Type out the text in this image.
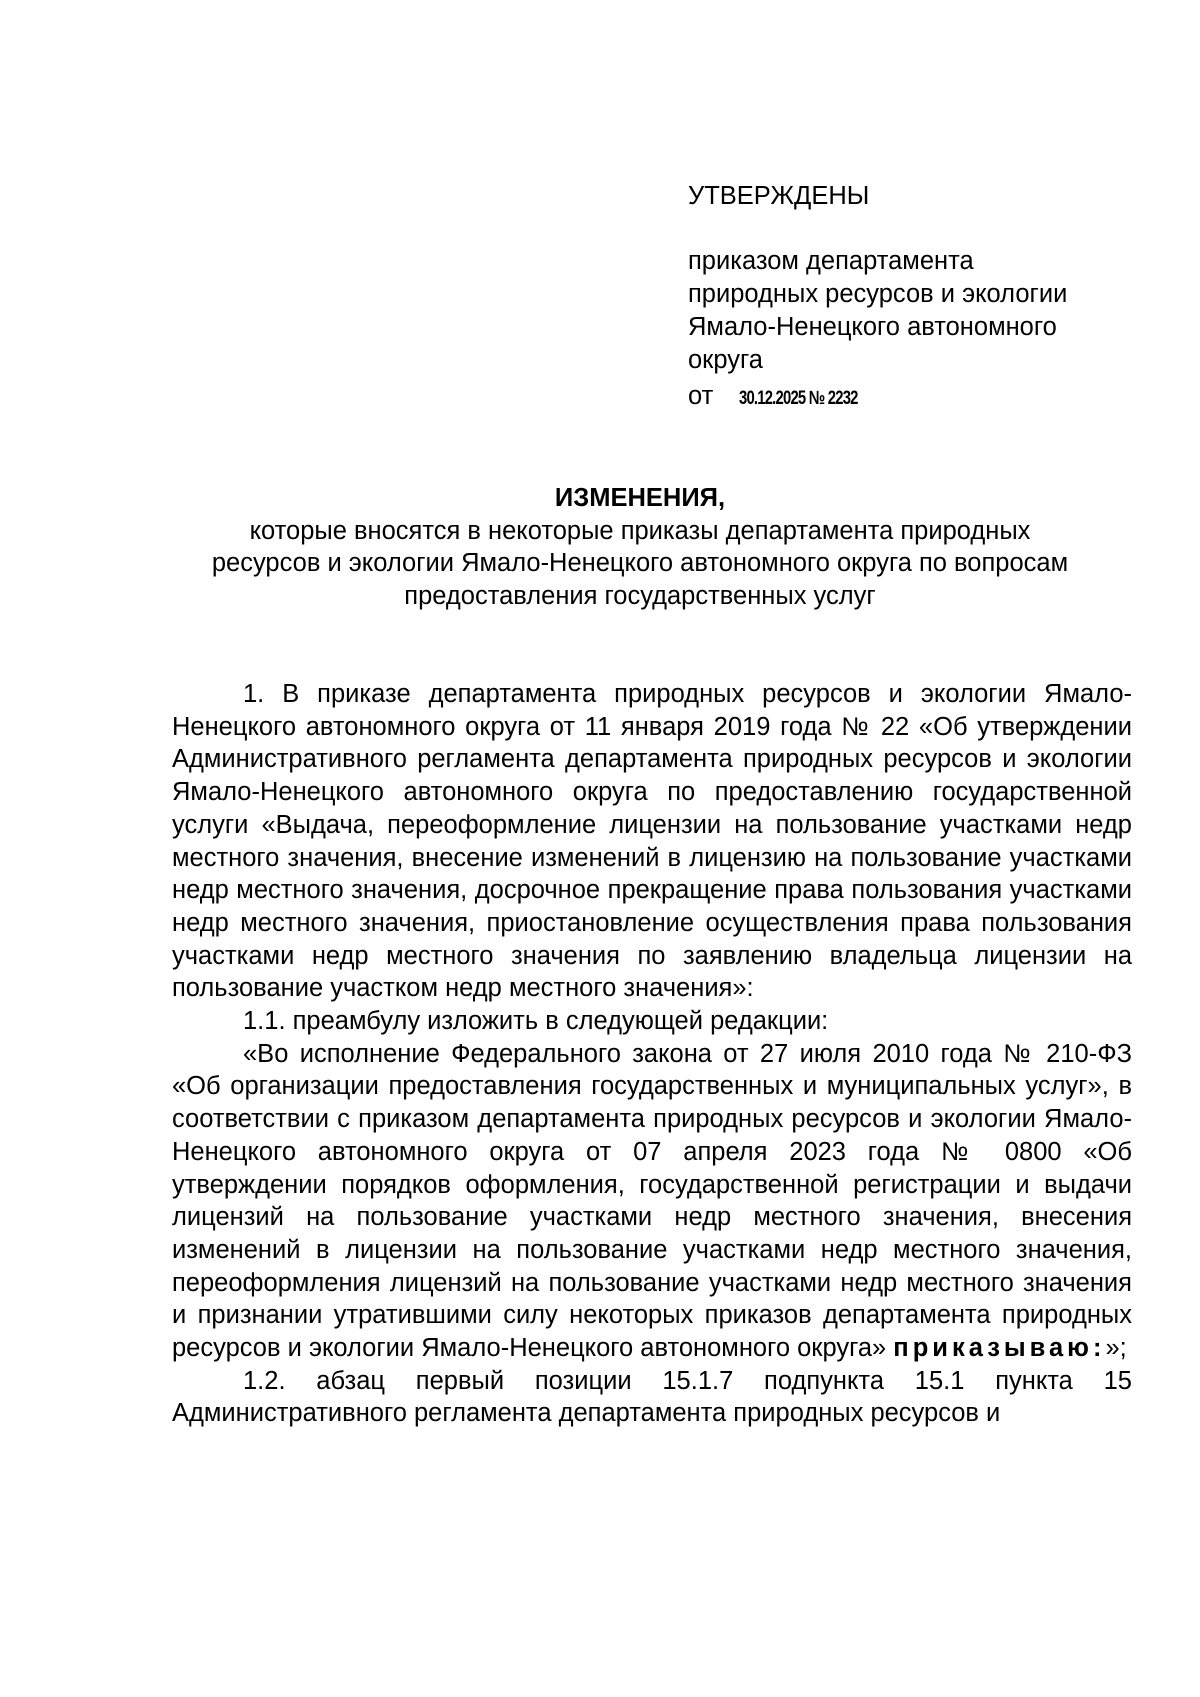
УТВЕРЖДЕНЫ
приказом департамента
природных ресурсов и экологии
Ямало-Ненецкого автономного
округа
от 30.12.2025 № 2232
ИЗМЕНЕНИЯ,
которые вносятся в некоторые приказы департамента природных
ресурсов и экологии Ямало-Ненецкого автономного округа по вопросам
предоставления государственных услуг

1. В приказе департамента природных ресурсов и экологии Ямало-Ненецкого автономного округа от 11 января 2019 года № 22 «Об утверждении Административного регламента департамента природных ресурсов и экологии Ямало-Ненецкого автономного округа по предоставлению государственной услуги «Выдача, переоформление лицензии на пользование участками недр местного значения, внесение изменений в лицензию на пользование участками недр местного значения, досрочное прекращение права пользования участками недр местного значения, приостановление осуществления права пользования участками недр местного значения по заявлению владельца лицензии на пользование участком недр местного значения»:

1.1. преамбулу изложить в следующей редакции:

«Во исполнение Федерального закона от 27 июля 2010 года № 210-ФЗ «Об организации предоставления государственных и муниципальных услуг», в соответствии с приказом департамента природных ресурсов и экологии Ямало-Ненецкого автономного округа от 07 апреля 2023 года № 0800 «Об утверждении порядков оформления, государственной регистрации и выдачи лицензий на пользование участками недр местного значения, внесения изменений в лицензии на пользование участками недр местного значения, переоформления лицензий на пользование участками недр местного значения и признании утратившими силу некоторых приказов департамента природных ресурсов и экологии Ямало-Ненецкого автономного округа» приказываю:»;

1.2. абзац первый позиции 15.1.7 подпункта 15.1 пункта 15 Административного регламента департамента природных ресурсов и
